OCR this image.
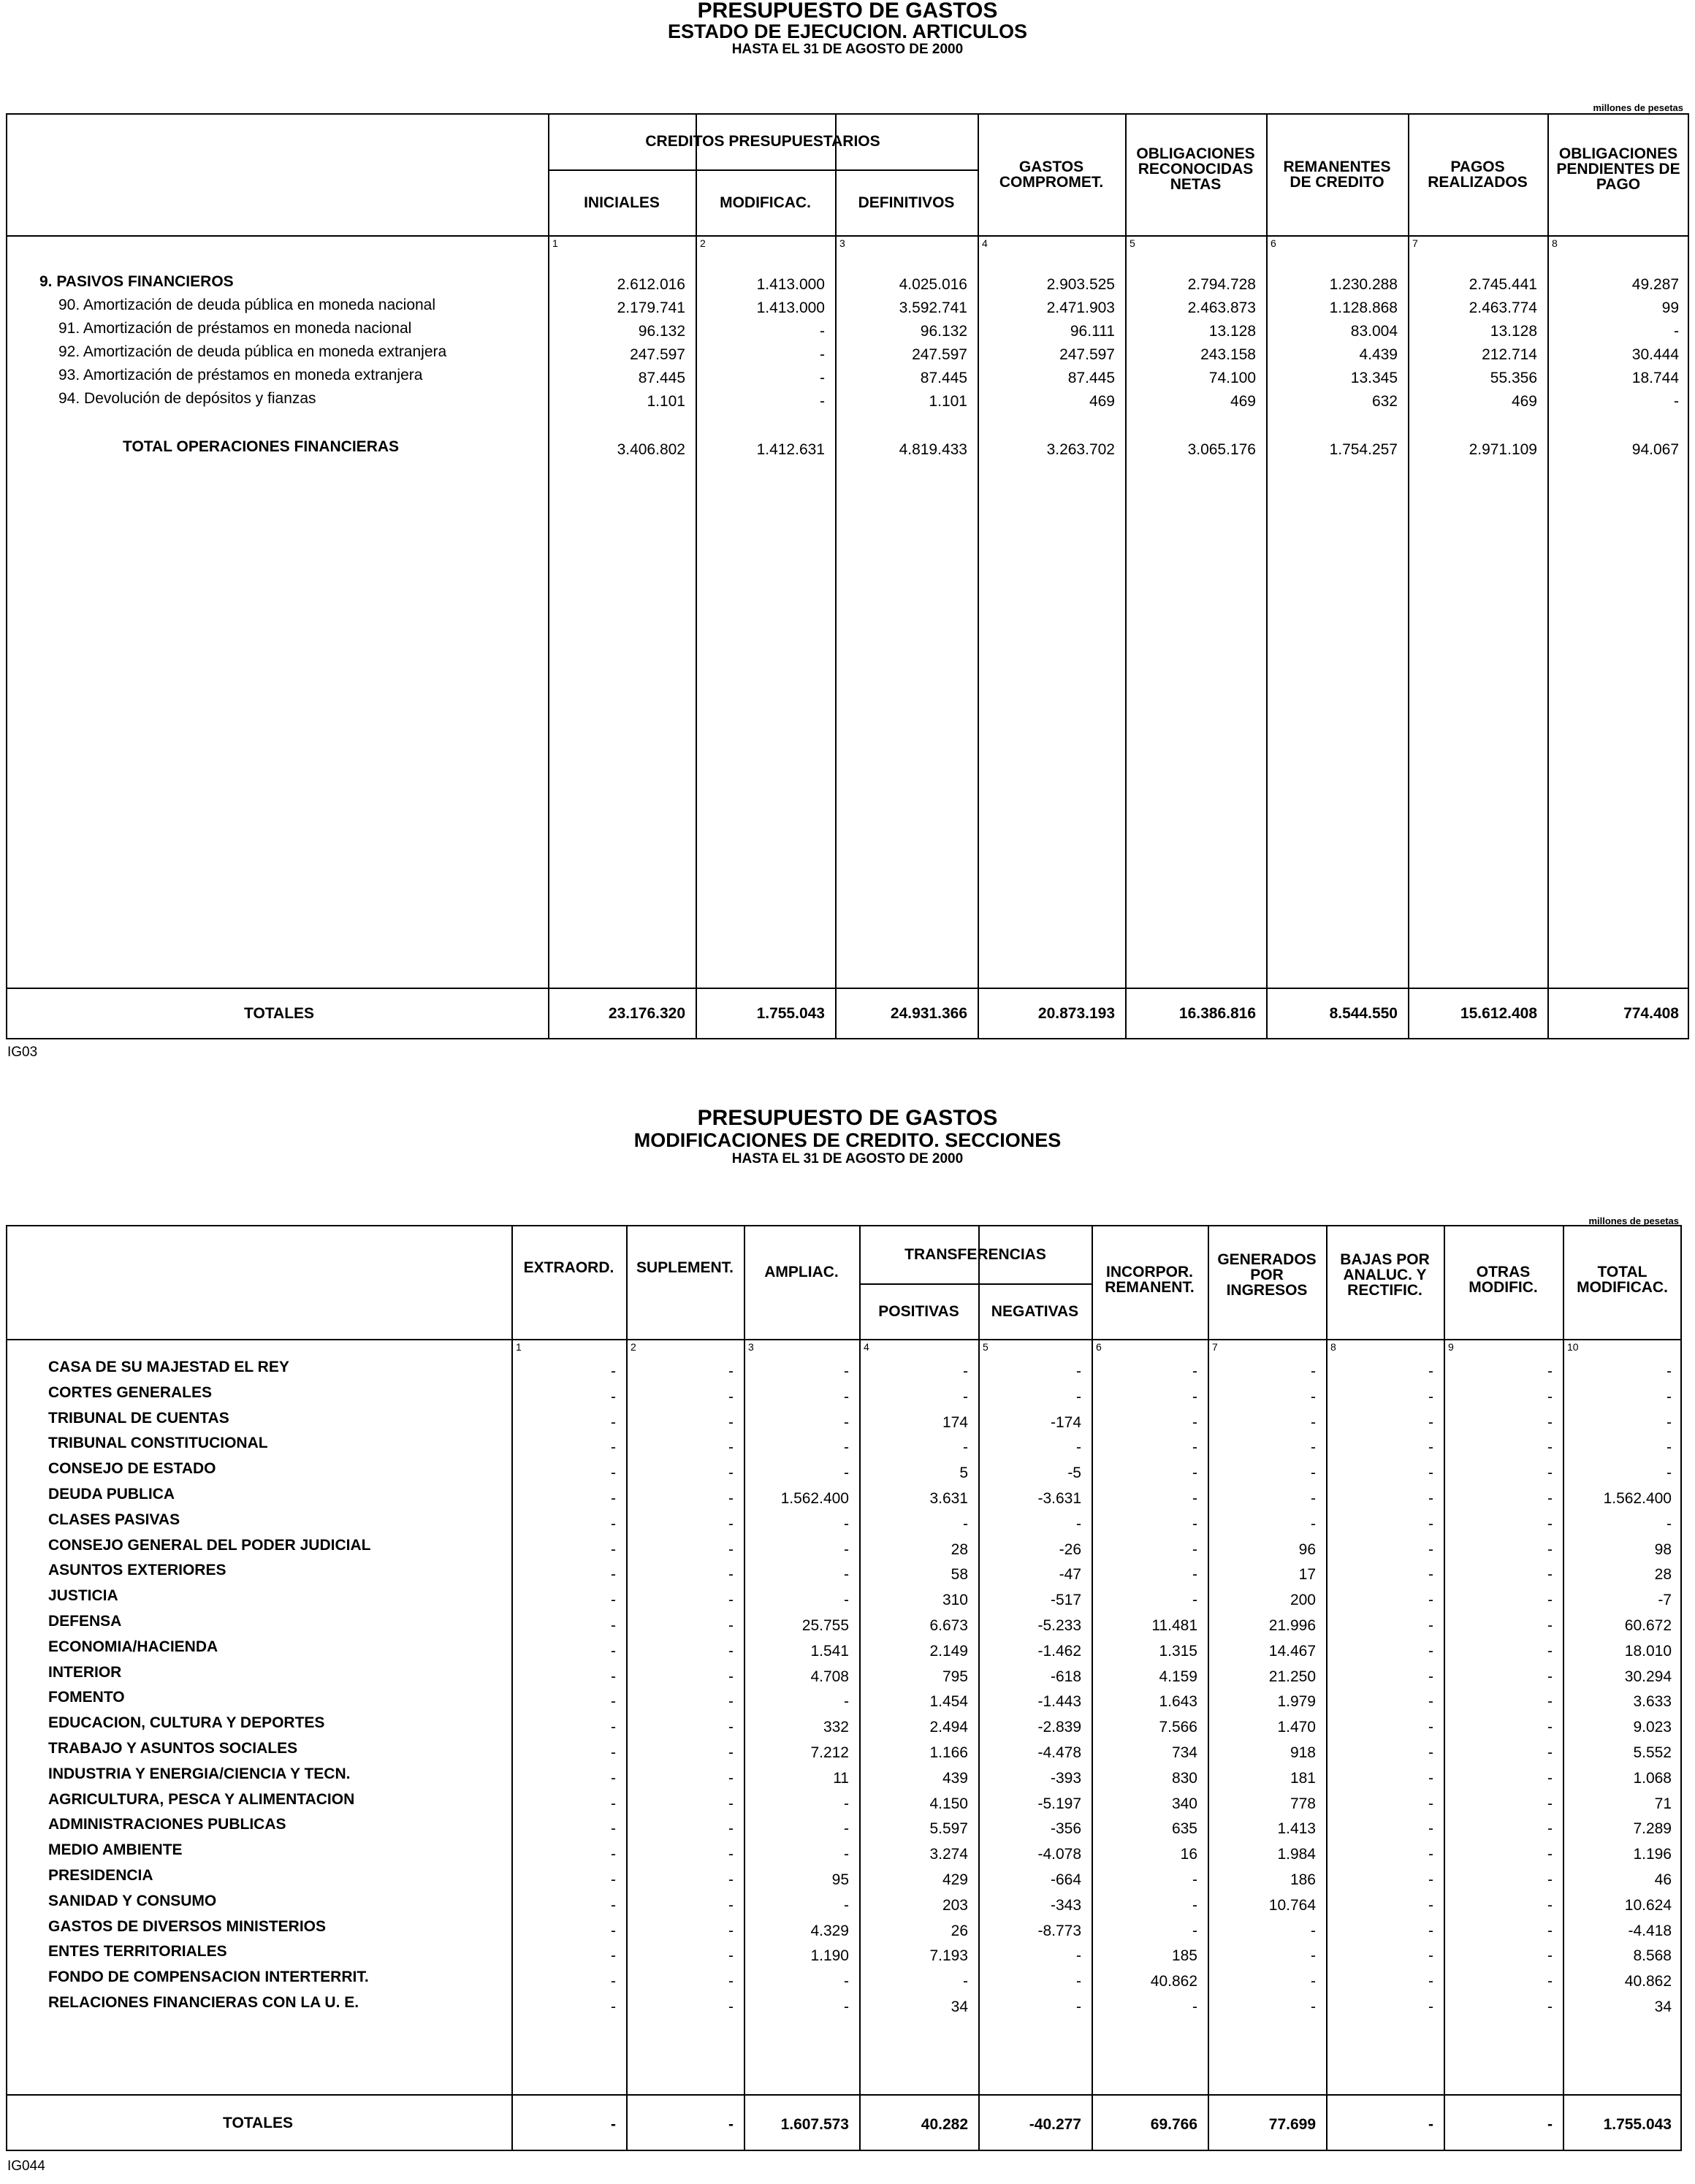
PRESUPUESTO DE GASTOS
ESTADO DE EJECUCION. ARTICULOS
HASTA EL 31 DE AGOSTO DE 2000
millones de pesetas
CREDITOS PRESUPUESTARIOS
INICIALES	MODIFICAC.	DEFINITIVOS
GASTOS
COMPROMET.
OBLIGACIONES
RECONOCIDAS
NETAS
REMANENTES
DE CREDITO
PAGOS
REALIZADOS
OBLIGACIONES
PENDIENTES DE
PAGO
1	2	3	4	5	6	7	8
9. PASIVOS FINANCIEROS	2.612.016	1.413.000	4.025.016	2.903.525	2.794.728	1.230.288	2.745.441	49.287
90. Amortización de deuda pública en moneda nacional	2.179.741	1.413.000	3.592.741	2.471.903	2.463.873	1.128.868	2.463.774	99
91. Amortización de préstamos en moneda nacional	96.132	-	96.132	96.111	13.128	83.004	13.128	-
92. Amortización de deuda pública en moneda extranjera	247.597	-	247.597	247.597	243.158	4.439	212.714	30.444
93. Amortización de préstamos en moneda extranjera	87.445	-	87.445	87.445	74.100	13.345	55.356	18.744
94. Devolución de depósitos y fianzas	1.101	-	1.101	469	469	632	469	-
TOTAL OPERACIONES FINANCIERAS	3.406.802	1.412.631	4.819.433	3.263.702	3.065.176	1.754.257	2.971.109	94.067
TOTALES	23.176.320	1.755.043	24.931.366	20.873.193	16.386.816	8.544.550	15.612.408	774.408
IG03
PRESUPUESTO DE GASTOS
MODIFICACIONES DE CREDITO. SECCIONES
HASTA EL 31 DE AGOSTO DE 2000
millones de pesetas
EXTRAORD. SUPLEMENT. AMPLIAC.
TRANSFERENCIAS
POSITIVAS NEGATIVAS
INCORPOR.
REMANENT.
GENERADOS
POR
INGRESOS
BAJAS POR
ANALUC. Y
RECTIFIC.
OTRAS
MODIFIC.
TOTAL
MODIFICAC.
1	2	3	4	5	6	7	8	9	10
CASA DE SU MAJESTAD EL REY	-	-	-	-	-	-	-	-	-	-
CORTES GENERALES	-	-	-	-	-	-	-	-	-	-
TRIBUNAL DE CUENTAS	-	-	-	174	-174	-	-	-	-	-
TRIBUNAL CONSTITUCIONAL	-	-	-	-	-	-	-	-	-	-
CONSEJO DE ESTADO	-	-	-	5	-5	-	-	-	-	-
DEUDA PUBLICA	-	-	1.562.400	3.631	-3.631	-	-	-	-	1.562.400
CLASES PASIVAS	-	-	-	-	-	-	-	-	-	-
CONSEJO GENERAL DEL PODER JUDICIAL	-	-	-	28	-26	-	96	-	-	98
ASUNTOS EXTERIORES	-	-	-	58	-47	-	17	-	-	28
JUSTICIA	-	-	-	310	-517	-	200	-	-	-7
DEFENSA	-	-	25.755	6.673	-5.233	11.481	21.996	-	-	60.672
ECONOMIA/HACIENDA	-	-	1.541	2.149	-1.462	1.315	14.467	-	-	18.010
INTERIOR	-	-	4.708	795	-618	4.159	21.250	-	-	30.294
FOMENTO	-	-	-	1.454	-1.443	1.643	1.979	-	-	3.633
EDUCACION, CULTURA Y DEPORTES	-	-	332	2.494	-2.839	7.566	1.470	-	-	9.023
TRABAJO Y ASUNTOS SOCIALES	-	-	7.212	1.166	-4.478	734	918	-	-	5.552
INDUSTRIA Y ENERGIA/CIENCIA Y TECN.	-	-	11	439	-393	830	181	-	-	1.068
AGRICULTURA, PESCA Y ALIMENTACION	-	-	-	4.150	-5.197	340	778	-	-	71
ADMINISTRACIONES PUBLICAS	-	-	-	5.597	-356	635	1.413	-	-	7.289
MEDIO AMBIENTE	-	-	-	3.274	-4.078	16	1.984	-	-	1.196
PRESIDENCIA	-	-	95	429	-664	-	186	-	-	46
SANIDAD Y CONSUMO	-	-	-	203	-343	-	10.764	-	-	10.624
GASTOS DE DIVERSOS MINISTERIOS	-	-	4.329	26	-8.773	-	-	-	-	-4.418
ENTES TERRITORIALES	-	-	1.190	7.193	-	185	-	-	-	8.568
FONDO DE COMPENSACION INTERTERRIT.	-	-	-	-	-	40.862	-	-	-	40.862
RELACIONES FINANCIERAS CON LA U. E.	-	-	-	34	-	-	-	-	-	34
TOTALES	-	-	1.607.573	40.282	-40.277	69.766	77.699	-	-	1.755.043
IG044
